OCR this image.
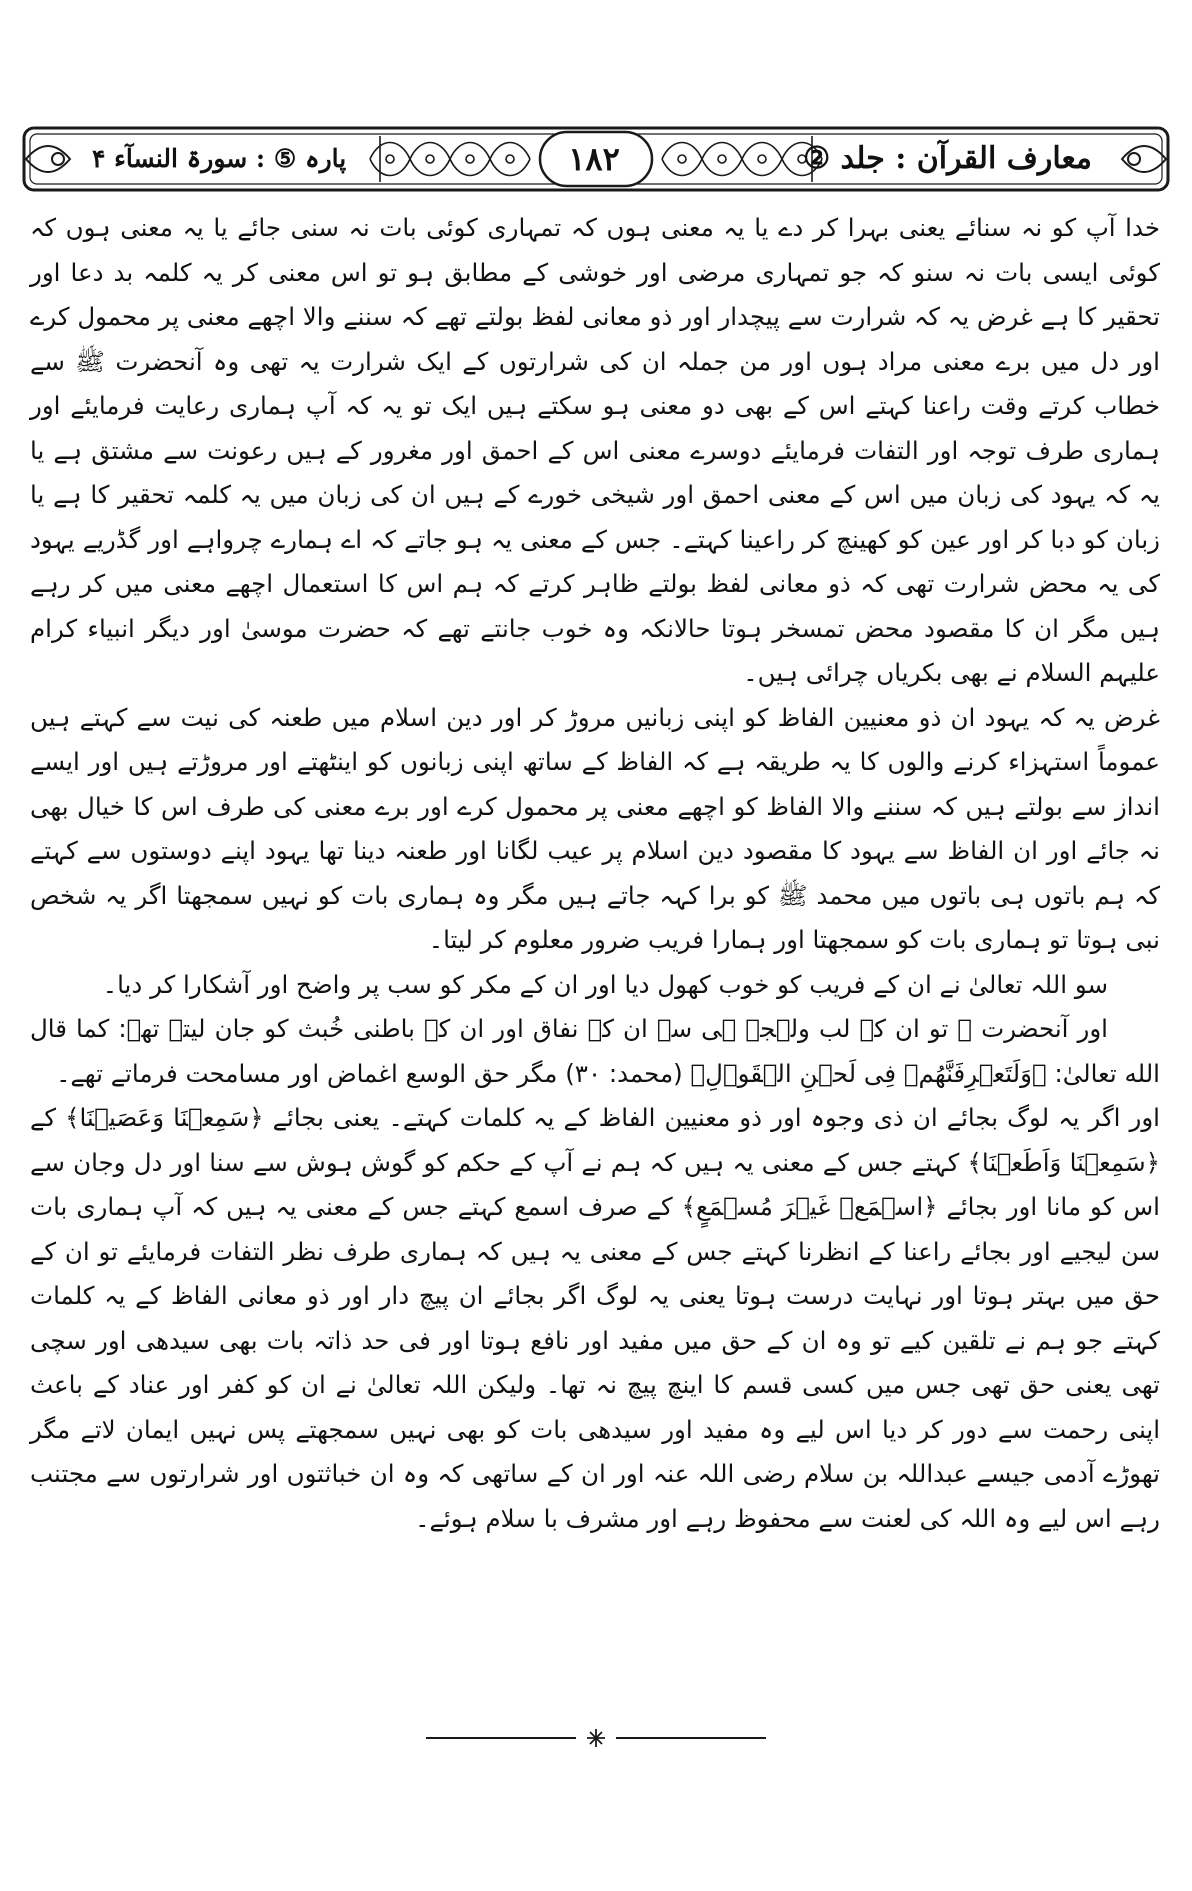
معارف القرآن : جلد ②
۱۸۲
پارہ ⑤ : سورۃ النسآء ۴

خدا آپ کو نہ سنائے یعنی بہرا کر دے یا یہ معنی ہوں کہ تمہاری کوئی بات نہ سنی جائے یا یہ معنی ہوں کہ کوئی ایسی بات نہ سنو کہ جو تمہاری مرضی اور خوشی کے مطابق ہو تو اس معنی کر یہ کلمہ بد دعا اور تحقیر کا ہے غرض یہ کہ شرارت سے پیچدار اور ذو معانی لفظ بولتے تھے کہ سننے والا اچھے معنی پر محمول کرے اور دل میں برے معنی مراد ہوں اور من جملہ ان کی شرارتوں کے ایک شرارت یہ تھی وہ آنحضرت ﷺ سے خطاب کرتے وقت راعنا کہتے اس کے بھی دو معنی ہو سکتے ہیں ایک تو یہ کہ آپ ہماری رعایت فرمایئے اور ہماری طرف توجہ اور التفات فرمایئے دوسرے معنی اس کے احمق اور مغرور کے ہیں رعونت سے مشتق ہے یا یہ کہ یہود کی زبان میں اس کے معنی احمق اور شیخی خورے کے ہیں ان کی زبان میں یہ کلمہ تحقیر کا ہے یا زبان کو دبا کر اور عین کو کھینچ کر راعینا کہتے۔ جس کے معنی یہ ہو جاتے کہ اے ہمارے چرواہے اور گڈریے یہود کی یہ محض شرارت تھی کہ ذو معانی لفظ بولتے ظاہر کرتے کہ ہم اس کا استعمال اچھے معنی میں کر رہے ہیں مگر ان کا مقصود محض تمسخر ہوتا حالانکہ وہ خوب جانتے تھے کہ حضرت موسیٰ اور دیگر انبیاء کرام علیہم السلام نے بھی بکریاں چرائی ہیں۔

غرض یہ کہ یہود ان ذو معنیین الفاظ کو اپنی زبانیں مروڑ کر اور دین اسلام میں طعنہ کی نیت سے کہتے ہیں عموماً استہزاء کرنے والوں کا یہ طریقہ ہے کہ الفاظ کے ساتھ اپنی زبانوں کو اینٹھتے اور مروڑتے ہیں اور ایسے انداز سے بولتے ہیں کہ سننے والا الفاظ کو اچھے معنی پر محمول کرے اور برے معنی کی طرف اس کا خیال بھی نہ جائے اور ان الفاظ سے یہود کا مقصود دین اسلام پر عیب لگانا اور طعنہ دینا تھا یہود اپنے دوستوں سے کہتے کہ ہم باتوں ہی باتوں میں محمد ﷺ کو برا کہہ جاتے ہیں مگر وہ ہماری بات کو نہیں سمجھتا اگر یہ شخص نبی ہوتا تو ہماری بات کو سمجھتا اور ہمارا فریب ضرور معلوم کر لیتا۔

سو اللہ تعالیٰ نے ان کے فریب کو خوب کھول دیا اور ان کے مکر کو سب پر واضح اور آشکارا کر دیا۔

اور آنحضرت ﷺ تو ان کے لب ولہجہ ہی سے ان کے نفاق اور ان کے باطنی خُبث کو جان لیتے تھے: کما قال الله تعالیٰ: ﴿وَلَتَعۡرِفَنَّهُمۡ فِى لَحۡنِ الۡقَوۡلِ﴾ (محمد: ۳۰) مگر حق الوسع اغماض اور مسامحت فرماتے تھے۔

اور اگر یہ لوگ بجائے ان ذی وجوہ اور ذو معنیین الفاظ کے یہ کلمات کہتے۔ یعنی بجائے ﴿سَمِعۡنَا وَعَصَيۡنَا﴾ کے ﴿سَمِعۡنَا وَاَطَعۡنَا﴾ کہتے جس کے معنی یہ ہیں کہ ہم نے آپ کے حکم کو گوش ہوش سے سنا اور دل وجان سے اس کو مانا اور بجائے ﴿اسۡمَعۡ غَيۡرَ مُسۡمَعٍ﴾ کے صرف اسمع کہتے جس کے معنی یہ ہیں کہ آپ ہماری بات سن لیجیے اور بجائے راعنا کے انظرنا کہتے جس کے معنی یہ ہیں کہ ہماری طرف نظر التفات فرمایئے تو ان کے حق میں بہتر ہوتا اور نہایت درست ہوتا یعنی یہ لوگ اگر بجائے ان پیچ دار اور ذو معانی الفاظ کے یہ کلمات کہتے جو ہم نے تلقین کیے تو وہ ان کے حق میں مفید اور نافع ہوتا اور فی حد ذاتہ بات بھی سیدھی اور سچی تھی یعنی حق تھی جس میں کسی قسم کا اینچ پیچ نہ تھا۔ ولیکن اللہ تعالیٰ نے ان کو کفر اور عناد کے باعث اپنی رحمت سے دور کر دیا اس لیے وہ مفید اور سیدھی بات کو بھی نہیں سمجھتے پس نہیں ایمان لاتے مگر تھوڑے آدمی جیسے عبداللہ بن سلام رضی اللہ عنہ اور ان کے ساتھی کہ وہ ان خباثتوں اور شرارتوں سے مجتنب رہے اس لیے وہ اللہ کی لعنت سے محفوظ رہے اور مشرف با سلام ہوئے۔
